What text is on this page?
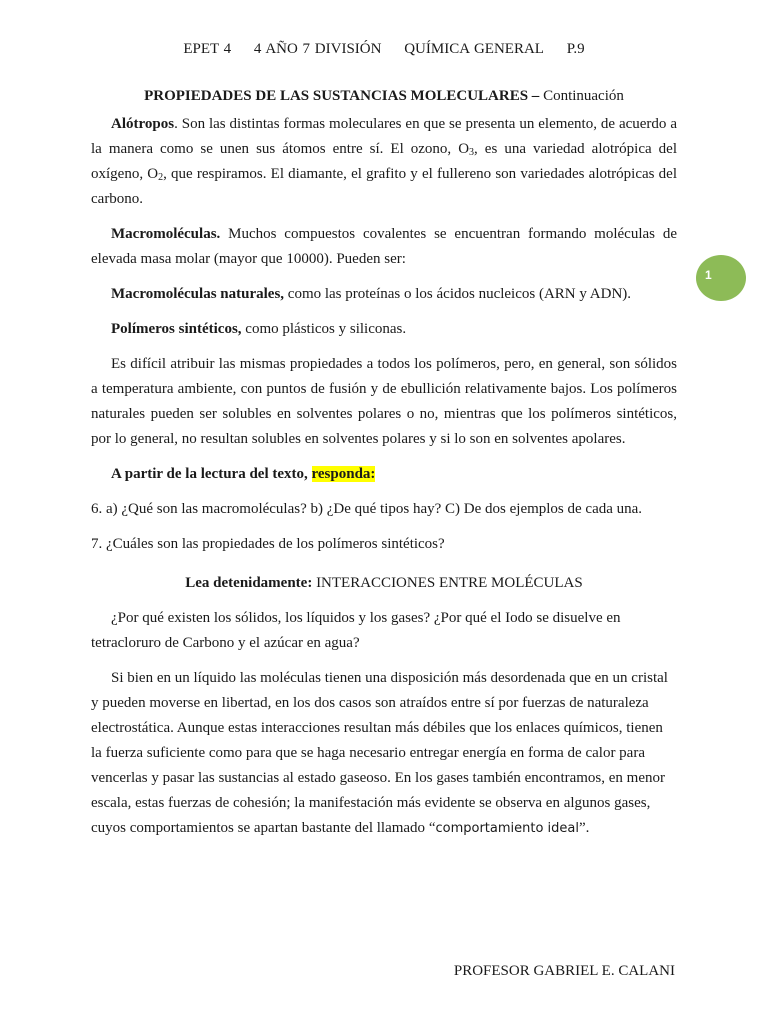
EPET 4 4 AÑO 7 DIVISIÓN QUÍMICA GENERAL P.9
PROPIEDADES DE LAS SUSTANCIAS MOLECULARES – Continuación

Alótropos. Son las distintas formas moleculares en que se presenta un elemento, de acuerdo a la manera como se unen sus átomos entre sí. El ozono, $O_3$, es una variedad alotrópica del oxígeno, $O_2$, que respiramos. El diamante, el grafito y el fullereno son variedades alotrópicas del carbono.

Macromoléculas. Muchos compuestos covalentes se encuentran formando moléculas de elevada masa molar (mayor que 10000). Pueden ser:

Macromoléculas naturales, como las proteínas o los ácidos nucleicos (ARN y ADN).

Polímeros sintéticos, como plásticos y siliconas.

Es difícil atribuir las mismas propiedades a todos los polímeros, pero, en general, son sólidos a temperatura ambiente, con puntos de fusión y de ebullición relativamente bajos. Los polímeros naturales pueden ser solubles en solventes polares o no, mientras que los polímeros sintéticos, por lo general, no resultan solubles en solventes polares y si lo son en solventes apolares.

A partir de la lectura del texto, responda:

6. a) ¿Qué son las macromoléculas? b) ¿De qué tipos hay? C) De dos ejemplos de cada una.

7. ¿Cuáles son las propiedades de los polímeros sintéticos?

Lea detenidamente: INTERACCIONES ENTRE MOLÉCULAS

¿Por qué existen los sólidos, los líquidos y los gases? ¿Por qué el Iodo se disuelve en tetracloruro de Carbono y el azúcar en agua?

Si bien en un líquido las moléculas tienen una disposición más desordenada que en un cristal y pueden moverse en libertad, en los dos casos son atraídos entre sí por fuerzas de naturaleza electrostática. Aunque estas interacciones resultan más débiles que los enlaces químicos, tienen la fuerza suficiente como para que se haga necesario entregar energía en forma de calor para vencerlas y pasar las sustancias al estado gaseoso. En los gases también encontramos, en menor escala, estas fuerzas de cohesión; la manifestación más evidente se observa en algunos gases, cuyos comportamientos se apartan bastante del llamado “comportamiento ideal”.

1
PROFESOR GABRIEL E. CALANI
